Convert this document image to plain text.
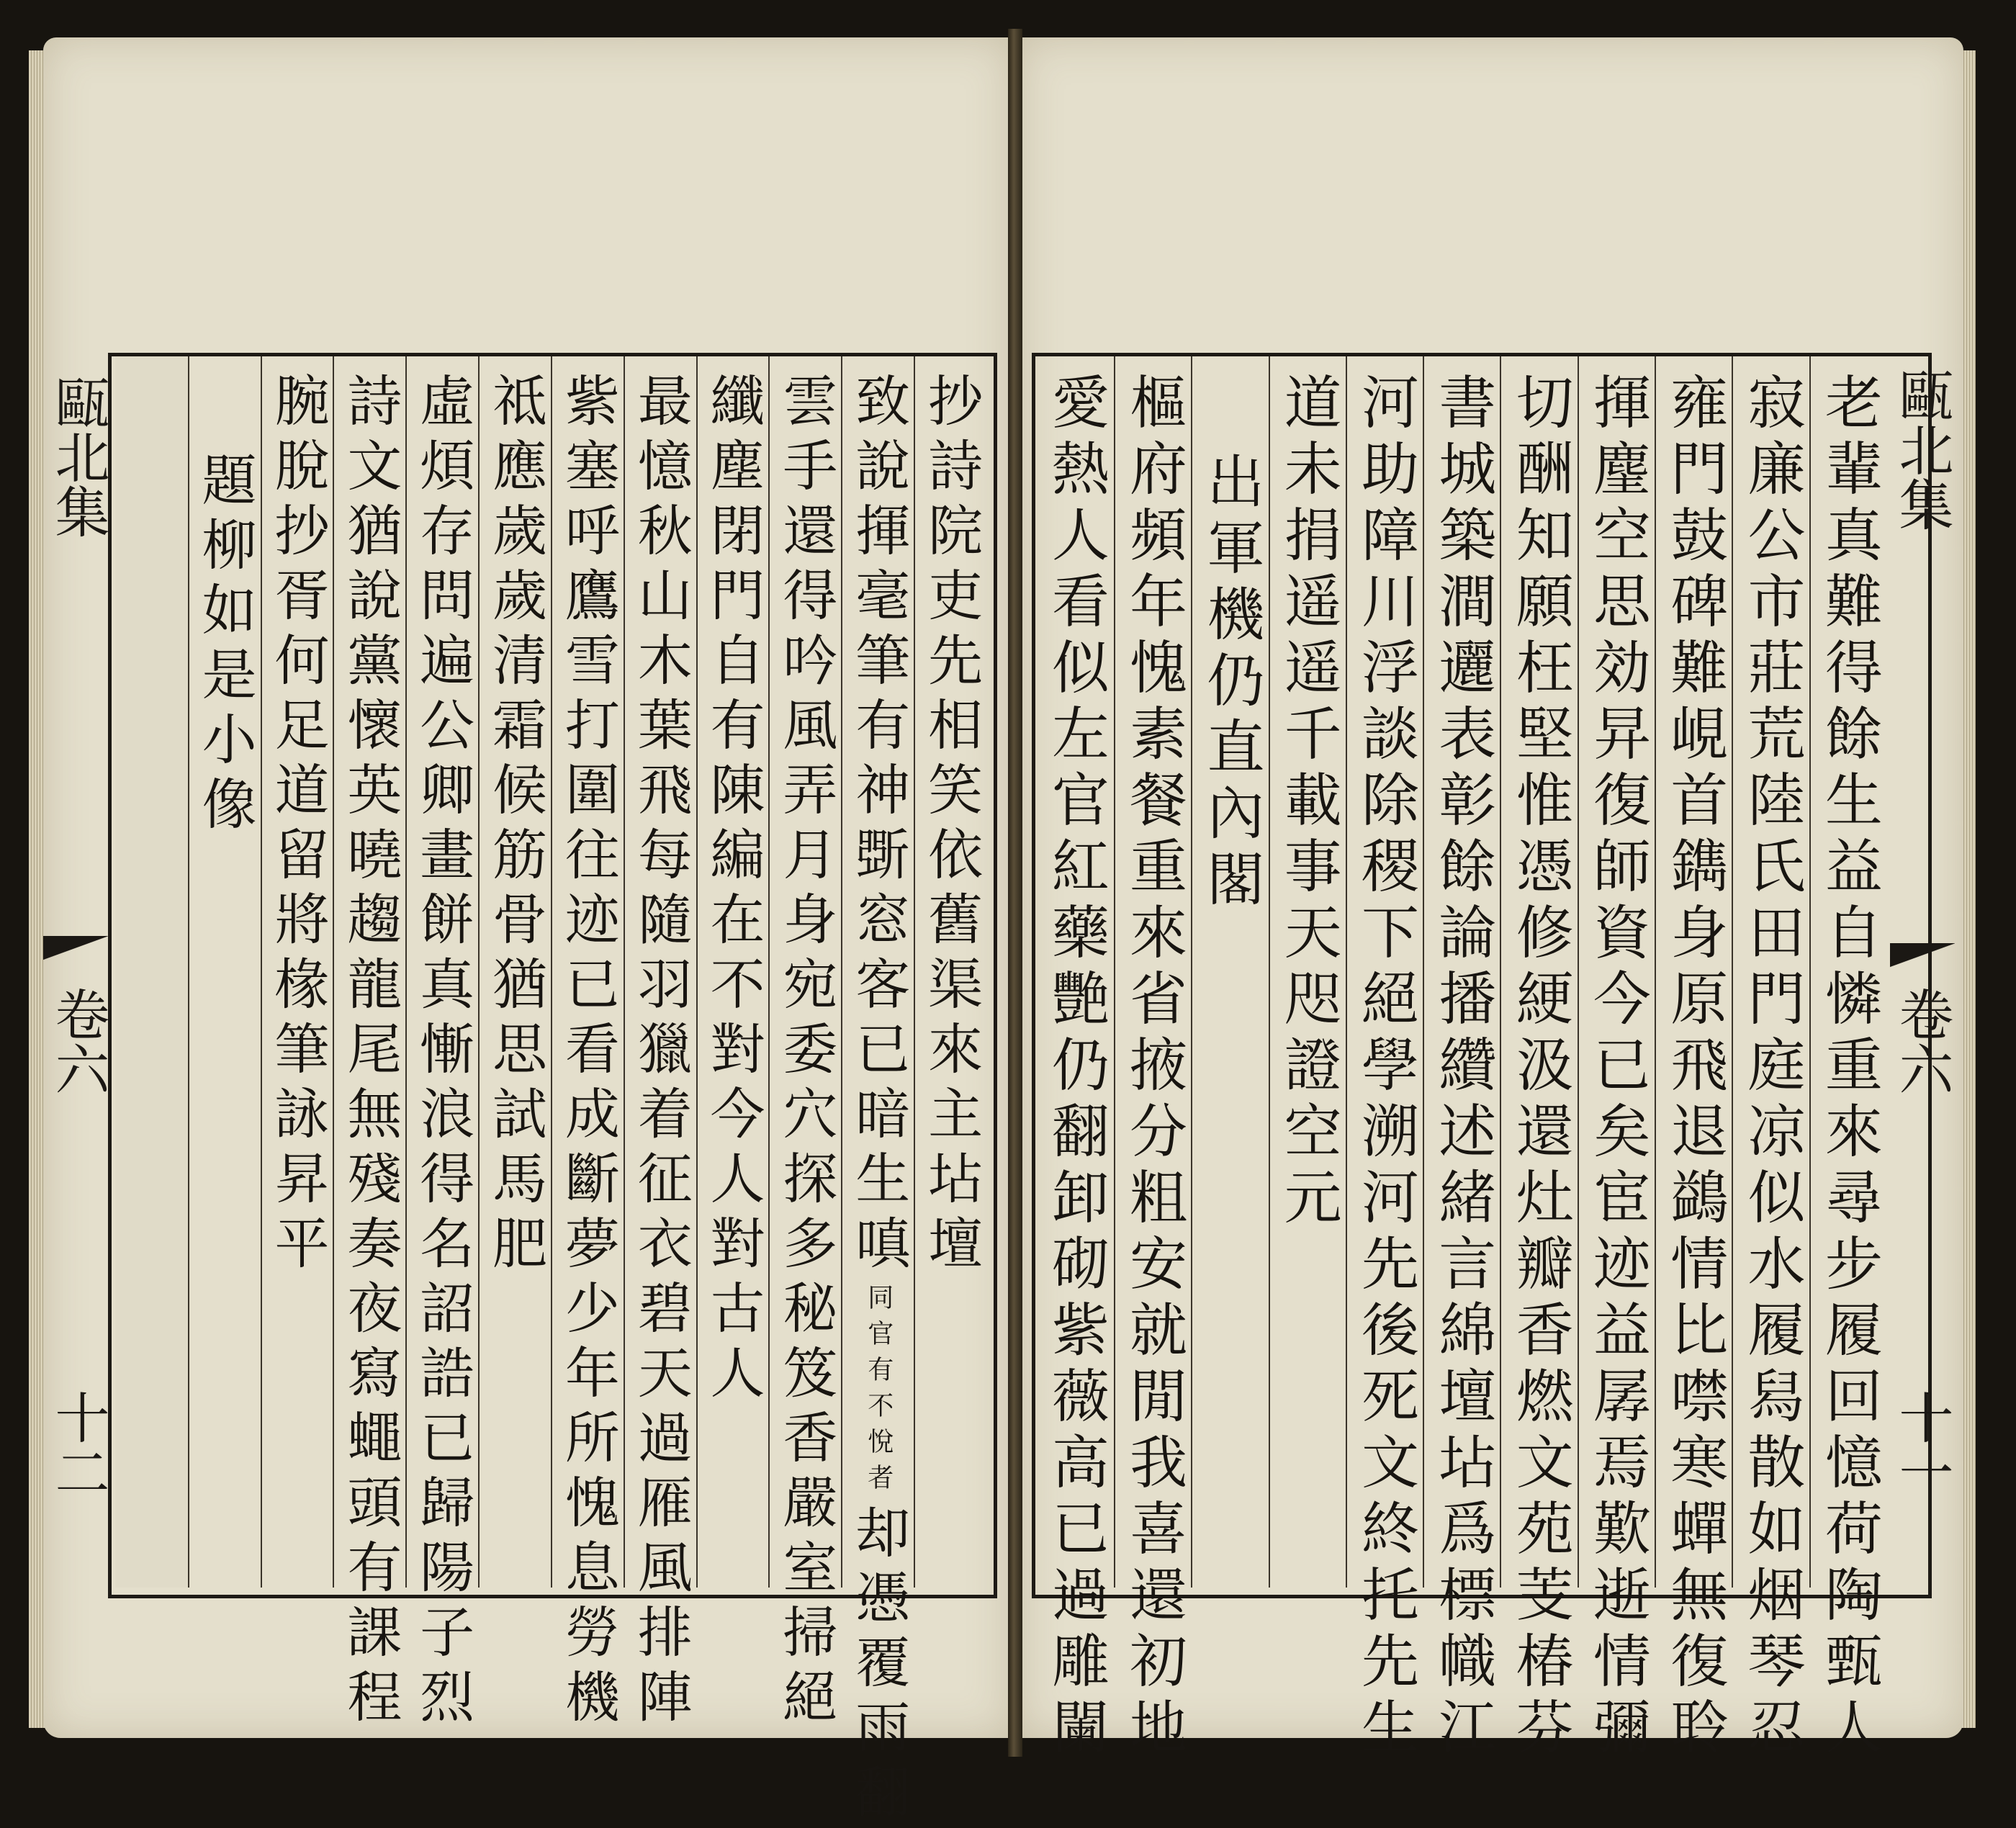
甌北集
卷六
十二
抄詩院吏先相笑依舊渠來主坫壇
致說揮毫筆有神斲窓客已暗生嗔同官有不悅者却憑覆雨翻
雲手還得吟風弄月身宛委穴探多秘笈香嚴室掃絕
纖塵閉門自有陳編在不對今人對古人
最憶秋山木葉飛每隨羽獵着征衣碧天過雁風排陣
紫塞呼鷹雪打圍往迹已看成斷夢少年所愧息勞機
祗應歲歲清霜候筋骨猶思試馬肥
虛煩存問遍公卿畫餅真慚浪得名詔誥已歸陽子烈
詩文猶說黨懷英曉趨龍尾無殘奏夜寫蠅頭有課程
腕脫抄胥何足道留將椽筆詠昇平
題柳如是小像
甌北集
卷六
十一
老輩真難得餘生益自憐重來尋步履回憶荷陶甄人
寂廉公市莊荒陸氏田門庭凉似水履舄散如烟琴忍
雍門鼓碑難峴首鐫身原飛退鷁情比噤寒蟬無復聆
揮麈空思効㫒復師資今已矣宦迹益孱焉歎逝情彌
切酬知願枉堅惟憑修綆汲還灶瓣香燃文苑芰椿芬
書城築澗邐表彰餘論播纘述緒言綿壇坫爲標幟江
河助障川浮談除稷下絕學溯河先後死文終托先生
道未捐遥遥千載事天咫證空元
出軍機仍直內閣
樞府頻年愧素餐重來省掖分粗安就閒我喜還初地
愛熱人看似左官紅藥艷仍翻卸砌紫薇高已過雕闌
